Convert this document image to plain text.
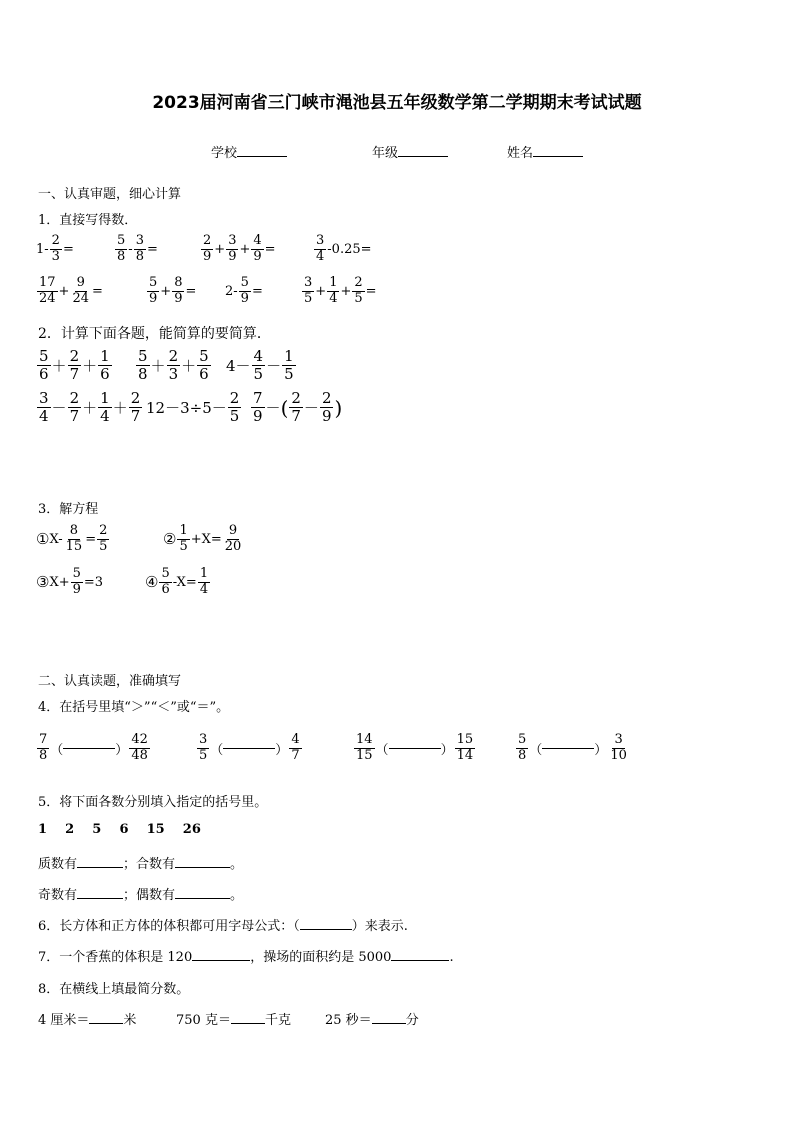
2023届河南省三门峡市渑池县五年级数学第二学期期末考试试题
学校	年级	姓名
一、认真审题，细心计算
1．直接写得数．
$1- \frac{2}{3}$ =	$\frac{5}{8} - \frac{3}{8}$ =	$\frac{2}{9} + \frac{3}{9} + \frac{4}{9}$ =	$\frac{3}{4} -0.25=$
$\frac{17}{24} + \frac{9}{24}$ =	$\frac{5}{9} + \frac{8}{9} = 2- \frac{5}{9}$ =	$\frac{3}{5} + \frac{1}{4} + \frac{2}{5}$ =
2．计算下面各题，能简算的要简算．
$\frac{5}{6} + \frac{2}{7} + \frac{1}{6} \frac{5}{8} + \frac{2}{3} + \frac{5}{6} 4- \frac{4}{5} - \frac{1}{5}$
$\frac{3}{4} - \frac{2}{7} + \frac{1}{4} + \frac{2}{7} 12-3\div 5- \frac{2}{5} \frac{7}{9}$ － ( $\frac{2}{7} - \frac{2}{9}$ )
3．解方程
① $X- \frac{8}{15} = \frac{2}{5}$	② $\frac{1}{5} +X= \frac{9}{20}$
③ $X+ \frac{5}{9} =3$	④ $\frac{5}{6} -X= \frac{1}{4}$
二、认真读题，准确填写
4．在括号里填“＞”“＜”或“＝”。
$\frac{7}{8}$ （	） $\frac{42}{48}$	$\frac{3}{5}$ （	） $\frac{4}{7}$	$\frac{14}{15}$ （	） $\frac{15}{14}$	$\frac{5}{8}$ （	） $\frac{3}{10}$
5．将下面各数分别填入指定的括号里。
1    2    5    6    15    26
质数有	；合数有	。
奇数有	；偶数有	。
6．长方体和正方体的体积都可用字母公式：（	）来表示.
7．一个香蕉的体积是 120	，操场的面积约是 5000	.
8．在横线上填最简分数。
4 厘米＝	米	750 克＝	千克	25 秒＝	分
